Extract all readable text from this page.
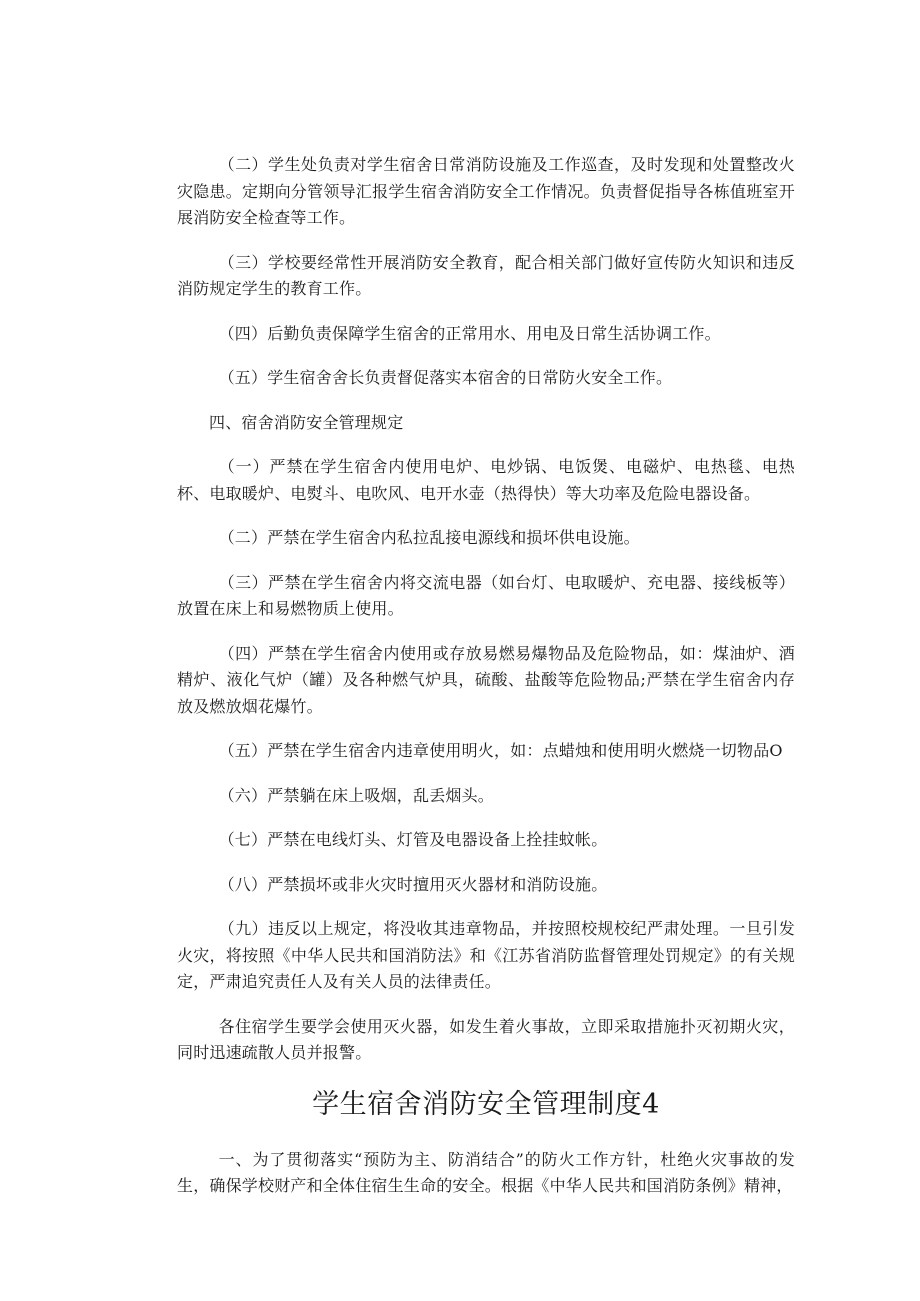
（二）学生处负责对学生宿舍日常消防设施及工作巡查，及时发现和处置整改火灾隐患。定期向分管领导汇报学生宿舍消防安全工作情况。负责督促指导各栋值班室开展消防安全检查等工作。

（三）学校要经常性开展消防安全教育，配合相关部门做好宣传防火知识和违反消防规定学生的教育工作。

（四）后勤负责保障学生宿舍的正常用水、用电及日常生活协调工作。

（五）学生宿舍舍长负责督促落实本宿舍的日常防火安全工作。

四、宿舍消防安全管理规定

（一）严禁在学生宿舍内使用电炉、电炒锅、电饭煲、电磁炉、电热毯、电热杯、电取暖炉、电熨斗、电吹风、电开水壶（热得快）等大功率及危险电器设备。

（二）严禁在学生宿舍内私拉乱接电源线和损坏供电设施。

（三）严禁在学生宿舍内将交流电器（如台灯、电取暖炉、充电器、接线板等）放置在床上和易燃物质上使用。

（四）严禁在学生宿舍内使用或存放易燃易爆物品及危险物品，如：煤油炉、酒精炉、液化气炉（罐）及各种燃气炉具，硫酸、盐酸等危险物品;严禁在学生宿舍内存放及燃放烟花爆竹。

（五）严禁在学生宿舍内违章使用明火，如：点蜡烛和使用明火燃烧一切物品O

（六）严禁躺在床上吸烟，乱丢烟头。

（七）严禁在电线灯头、灯管及电器设备上拴挂蚊帐。

（八）严禁损坏或非火灾时擅用灭火器材和消防设施。

（九）违反以上规定，将没收其违章物品，并按照校规校纪严肃处理。一旦引发火灾，将按照《中华人民共和国消防法》和《江苏省消防监督管理处罚规定》的有关规定，严肃追究责任人及有关人员的法律责任。

各住宿学生要学会使用灭火器，如发生着火事故，立即采取措施扑灭初期火灾，同时迅速疏散人员并报警。

学生宿舍消防安全管理制度4

一、为了贯彻落实“预防为主、防消结合”的防火工作方针，杜绝火灾事故的发生，确保学校财产和全体住宿生生命的安全。根据《中华人民共和国消防条例》精神，
